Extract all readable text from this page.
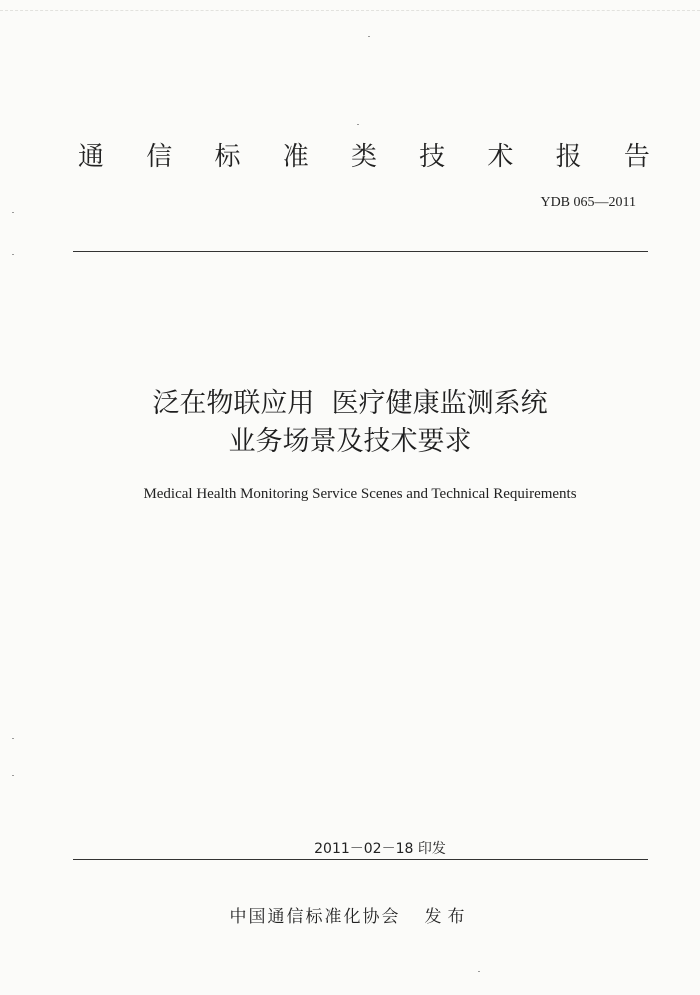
通 信 标 准 类 技 术 报 告
YDB 065—2011
泛在物联应用  医疗健康监测系统
业务场景及技术要求
Medical Health Monitoring Service Scenes and Technical Requirements
2011－02－18 印发
中国通信标准化协会 发布
